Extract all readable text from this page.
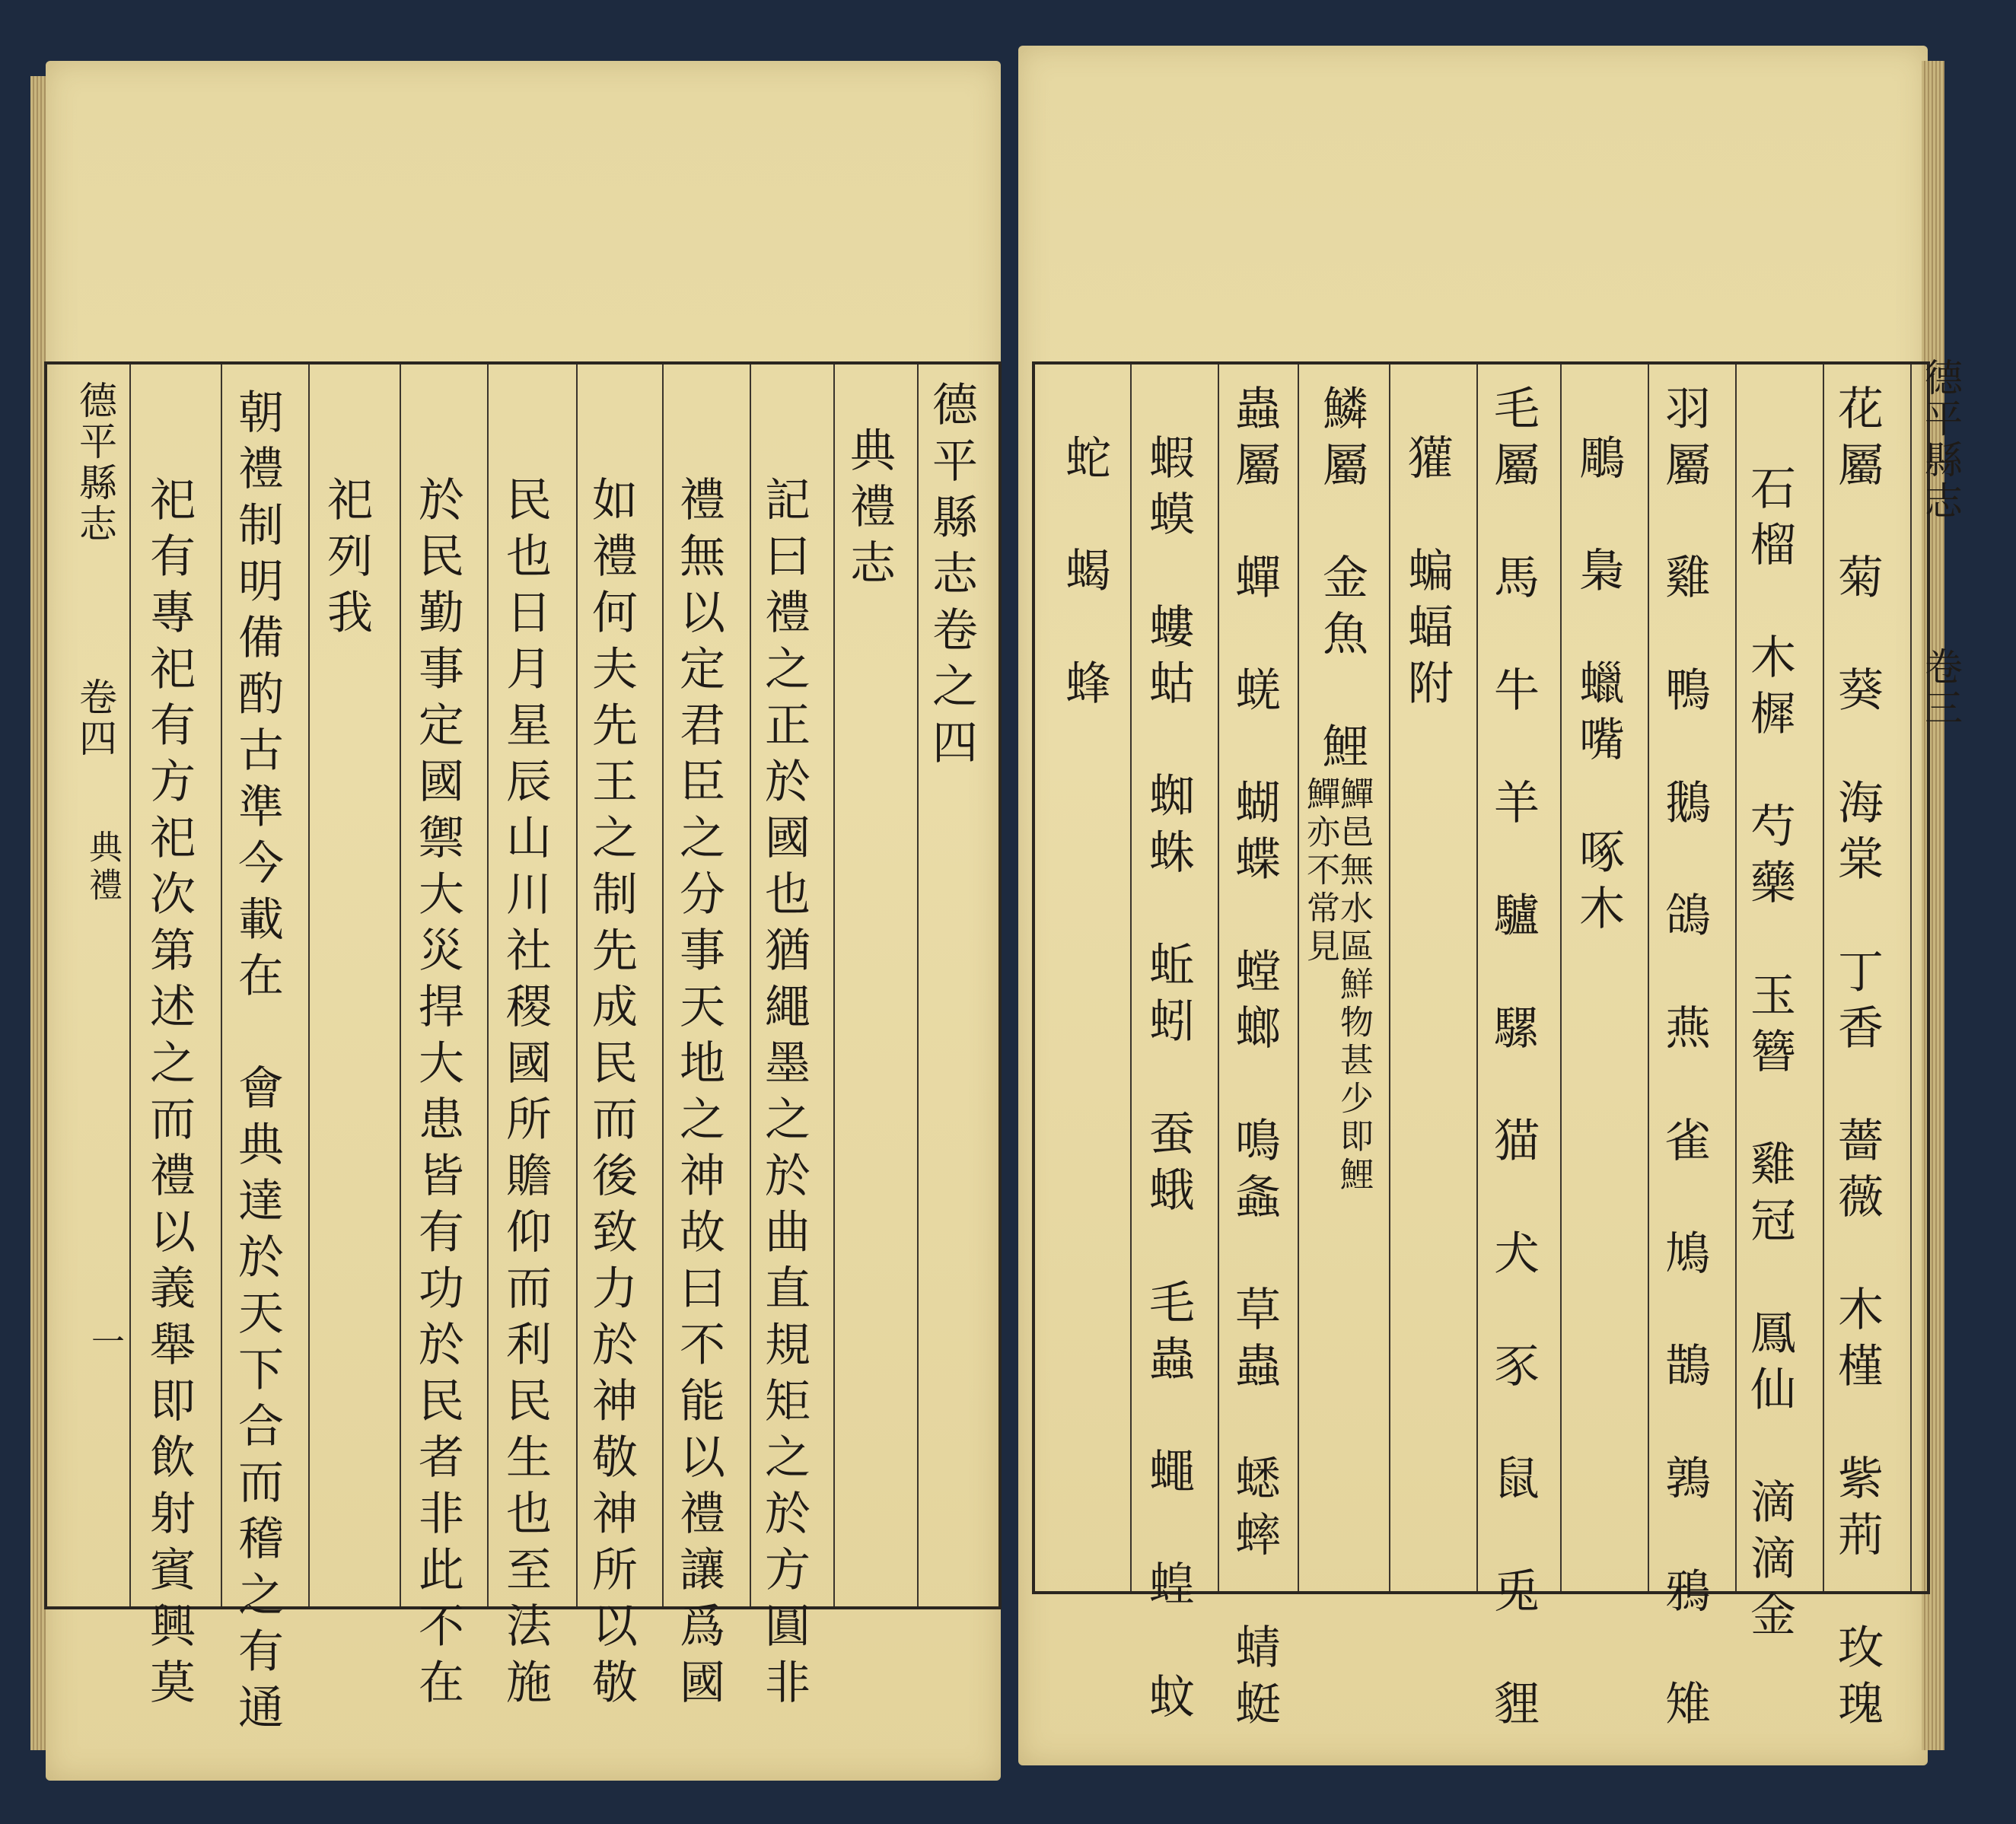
德平縣志
卷四
典禮
一
德平縣志卷之四
典禮志
記曰禮之正於國也猶繩墨之於曲直規矩之於方圓非
禮無以定君臣之分事天地之神故曰不能以禮讓爲國
如禮何夫先王之制先成民而後致力於神敬神所以敬
民也日月星辰山川社稷國所贍仰而利民生也至法施
於民勤事定國禦大災捍大患皆有功於民者非此不在
祀列我
朝禮制明備酌古準今載在　會典達於天下合而稽之有通
祀有專祀有方祀次第述之而禮以義舉即飲射賓興莫
德平縣志
卷三
花屬　菊　葵　海棠　丁香　薔薇　木槿　紫荊　玫瑰
石榴　木樨　芍藥　玉簪　雞冠　鳳仙　滴滴金
羽屬　雞　鴨　鵝　鴿　燕　雀　鳩　鵲　鶉　鴉　雉
鵰　梟　蠟嘴　啄木
毛屬　馬　牛　羊　驢　騾　猫　犬　豕　鼠　兎　貍
獾　蝙蝠附
鱗屬　金魚　鯉
鱓邑無水區鮮物甚少即鯉鱓亦不常見
蟲屬　蟬　蜣　蝴蝶　螳螂　鳴螽　草蟲　蟋蟀　蜻蜓
蝦蟆　螻蛄　蜘蛛　蚯蚓　蚕蛾　毛蟲　蠅　蝗　蚊
蛇　蝎　蜂
